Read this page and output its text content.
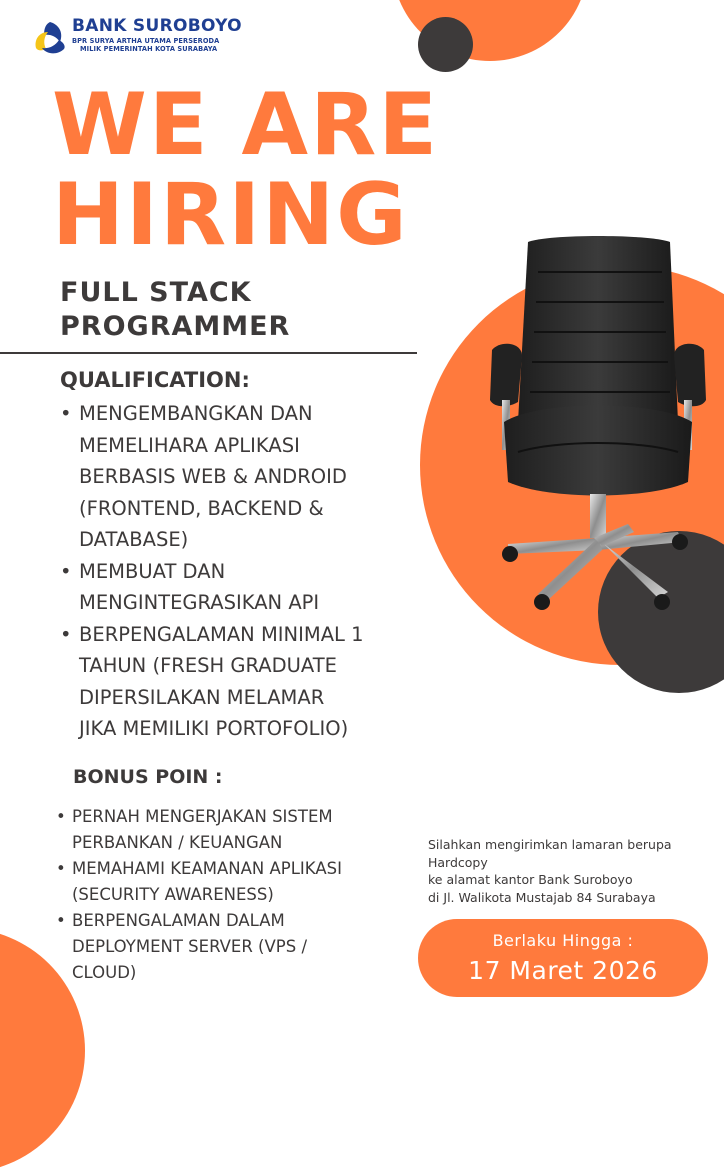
BANK SUROBOYO
BPR SURYA ARTHA UTAMA PERSERODA
MILIK PEMERINTAH KOTA SURABAYA
WE ARE
HIRING
FULL STACK
PROGRAMMER
QUALIFICATION:
• MENGEMBANGKAN DAN
MEMELIHARA APLIKASI
BERBASIS WEB & ANDROID
(FRONTEND, BACKEND &
DATABASE)
• MEMBUAT DAN
MENGINTEGRASIKAN API
• BERPENGALAMAN MINIMAL 1
TAHUN (FRESH GRADUATE
DIPERSILAKAN MELAMAR
JIKA MEMILIKI PORTOFOLIO)
BONUS POIN :
• PERNAH MENGERJAKAN SISTEM
PERBANKAN / KEUANGAN
• MEMAHAMI KEAMANAN APLIKASI
(SECURITY AWARENESS)
• BERPENGALAMAN DALAM
DEPLOYMENT SERVER (VPS /
CLOUD)
Silahkan mengirimkan lamaran berupa
Hardcopy
ke alamat kantor Bank Suroboyo
di Jl. Walikota Mustajab 84 Surabaya
Berlaku Hingga :
17 Maret 2026
